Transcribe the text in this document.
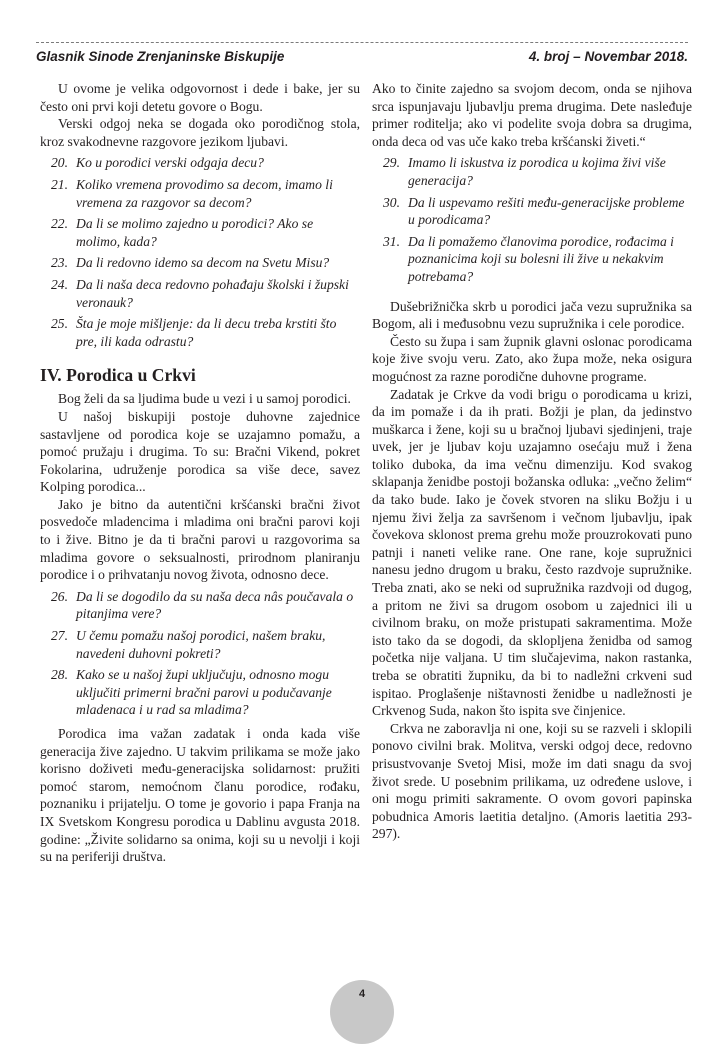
Glasnik Sinode Zrenjaninske Biskupije	4. broj – Novembar 2018.

U ovome je velika odgovornost i dede i bake, jer su često oni prvi koji detetu govore o Bogu.

Verski odgoj neka se dogada oko porodičnog stola, kroz svakodnevne razgovore jezikom ljubavi.

20. Ko u porodici verski odgaja decu?
21. Koliko vremena provodimo sa decom, imamo li vremena za razgovor sa decom?
22. Da li se molimo zajedno u porodici? Ako se molimo, kada?
23. Da li redovno idemo sa decom na Svetu Misu?
24. Da li naša deca redovno pohađaju školski i župski veronauk?
25. Šta je moje mišljenje: da li decu treba krstiti što pre, ili kada odrastu?
IV. Porodica u Crkvi

Bog želi da sa ljudima bude u vezi i u samoj porodici.

U našoj biskupiji postoje duhovne zajednice sastavljene od porodica koje se uzajamno pomažu, a pomoć pružaju i drugima. To su: Bračni Vikend, pokret Fokolarina, udruženje porodica sa više dece, savez Kolping porodica...

Jako je bitno da autentični kršćanski bračni život posvedoče mladencima i mladima oni bračni parovi koji to i žive. Bitno je da ti bračni parovi u razgovorima sa mladima govore o seksualnosti, prirodnom planiranju porodice i o prihvatanju novog života, odnosno dece.

26. Da li se dogodilo da su naša deca nâs poučavala o pitanjima vere?
27. U čemu pomažu našoj porodici, našem braku, navedeni duhovni pokreti?
28. Kako se u našoj župi uključuju, odnosno mogu uključiti primerni bračni parovi u podučavanje mladenaca i u rad sa mladima?

Porodica ima važan zadatak i onda kada više generacija žive zajedno. U takvim prilikama se može jako korisno doživeti među-generacijska solidarnost: pružiti pomoć starom, nemoćnom članu porodice, rođaku, poznaniku i prijatelju. O tome je govorio i papa Franja na IX Svetskom Kongresu porodica u Dablinu avgusta 2018. godine: „Živite solidarno sa onima, koji su u nevolji i koji su na periferiji društva.

Ako to činite zajedno sa svojom decom, onda se njihova srca ispunjavaju ljubavlju prema drugima. Dete nasleđuje primer roditelja; ako vi podelite svoja dobra sa drugima, onda deca od vas uče kako treba kršćanski živeti.“

29. Imamo li iskustva iz porodica u kojima živi više generacija?
30. Da li uspevamo rešiti među-generacijske probleme u porodicama?
31. Da li pomažemo članovima porodice, rođacima i poznanicima koji su bolesni ili žive u nekakvim potrebama?

Dušebrižnička skrb u porodici jača vezu supružnika sa Bogom, ali i međusobnu vezu supružnika i cele porodice.

Često su župa i sam župnik glavni oslonac porodicama koje žive svoju veru. Zato, ako župa može, neka osigura mogućnost za razne porodične duhovne programe.

Zadatak je Crkve da vodi brigu o porodicama u krizi, da im pomaže i da ih prati. Božji je plan, da jedinstvo muškarca i žene, koji su u bračnoj ljubavi sjedinjeni, traje uvek, jer je ljubav koju uzajamno osećaju muž i žena toliko duboka, da ima večnu dimenziju. Kod svakog sklapanja ženidbe postoji božanska odluka: „večno želim“ da tako bude. Iako je čovek stvoren na sliku Božju i u njemu živi želja za savršenom i večnom ljubavlju, ipak čovekova sklonost prema grehu može prouzrokovati puno patnji i naneti velike rane. One rane, koje supružnici nanesu jedno drugom u braku, često razdvoje supružnike. Treba znati, ako se neki od supružnika razdvoji od dugog, a pritom ne živi sa drugom osobom u zajednici ili u civilnom braku, on može pristupati sakramentima. Može isto tako da se dogodi, da sklopljena ženidba od samog početka nije valjana. U tim slučajevima, nakon rastanka, treba se obratiti župniku, da bi to nadležni crkveni sud ispitao. Proglašenje ništavnosti ženidbe u nadležnosti je Crkvenog Suda, nakon što ispita sve činjenice.

Crkva ne zaboravlja ni one, koji su se razveli i sklopili ponovo civilni brak. Molitva, verski odgoj dece, redovno prisustvovanje Svetoj Misi, može im dati snagu da svoj život srede. U posebnim prilikama, uz određene uslove, i oni mogu primiti sakramente. O ovom govori papinska pobudnica Amoris laetitia detaljno. (Amoris laetitia 293-297).

4
